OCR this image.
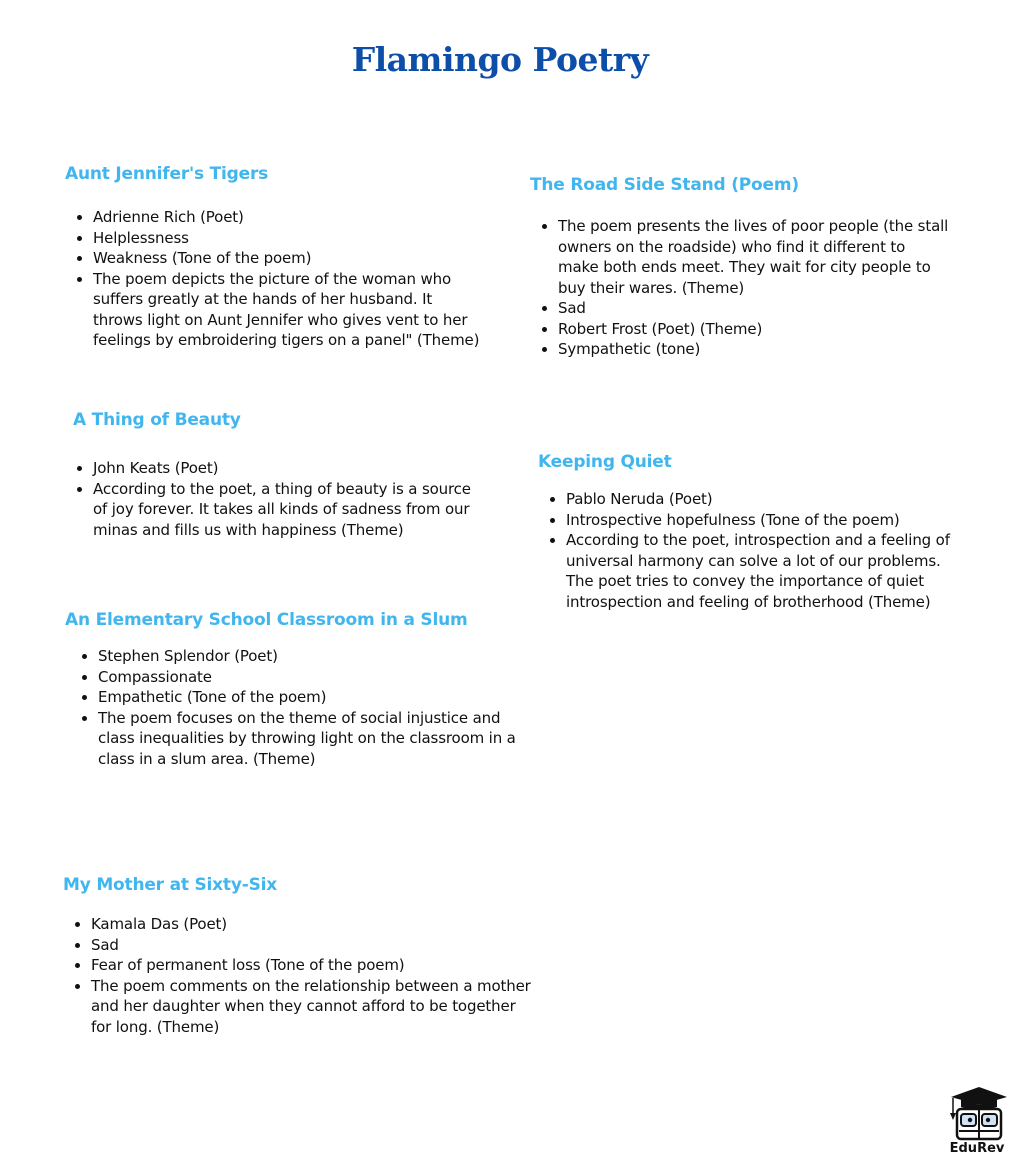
Flamingo Poetry
Aunt Jennifer's Tigers
• Adrienne Rich (Poet)
• Helplessness
• Weakness (Tone of the poem)
• The poem depicts the picture of the woman who suffers greatly at the hands of her husband. It throws light on Aunt Jennifer who gives vent to her feelings by embroidering tigers on a panel" (Theme)
The Road Side Stand (Poem)
• The poem presents the lives of poor people (the stall owners on the roadside) who find it different to make both ends meet. They wait for city people to buy their wares. (Theme)
• Sad
• Robert Frost (Poet) (Theme)
• Sympathetic (tone)
A Thing of Beauty
• John Keats (Poet)
• According to the poet, a thing of beauty is a source of joy forever. It takes all kinds of sadness from our minas and fills us with happiness (Theme)
Keeping Quiet
• Pablo Neruda (Poet)
• Introspective hopefulness (Tone of the poem)
• According to the poet, introspection and a feeling of universal harmony can solve a lot of our problems. The poet tries to convey the importance of quiet introspection and feeling of brotherhood (Theme)
An Elementary School Classroom in a Slum
• Stephen Splendor (Poet)
• Compassionate
• Empathetic (Tone of the poem)
• The poem focuses on the theme of social injustice and class inequalities by throwing light on the classroom in a class in a slum area. (Theme)
My Mother at Sixty-Six
• Kamala Das (Poet)
• Sad
• Fear of permanent loss (Tone of the poem)
• The poem comments on the relationship between a mother and her daughter when they cannot afford to be together for long. (Theme)
EduRev
